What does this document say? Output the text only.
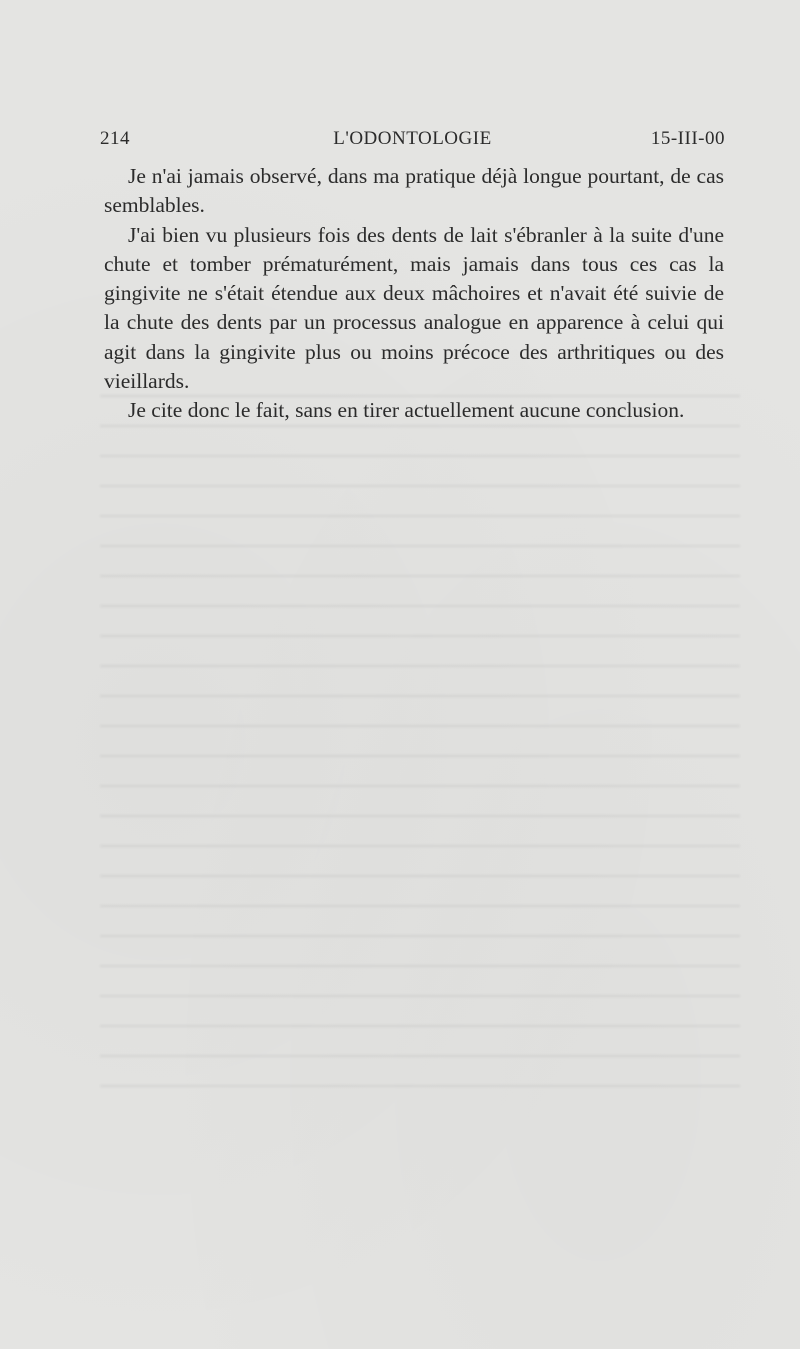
214	L'ODONTOLOGIE	15-III-00

Je n'ai jamais observé, dans ma pratique déjà longue pourtant, de cas semblables.

J'ai bien vu plusieurs fois des dents de lait s'ébranler à la suite d'une chute et tomber prématurément, mais jamais dans tous ces cas la gingivite ne s'était étendue aux deux mâchoires et n'avait été suivie de la chute des dents par un processus analogue en apparence à celui qui agit dans la gingivite plus ou moins précoce des arthritiques ou des vieillards.

Je cite donc le fait, sans en tirer actuellement aucune conclusion.
